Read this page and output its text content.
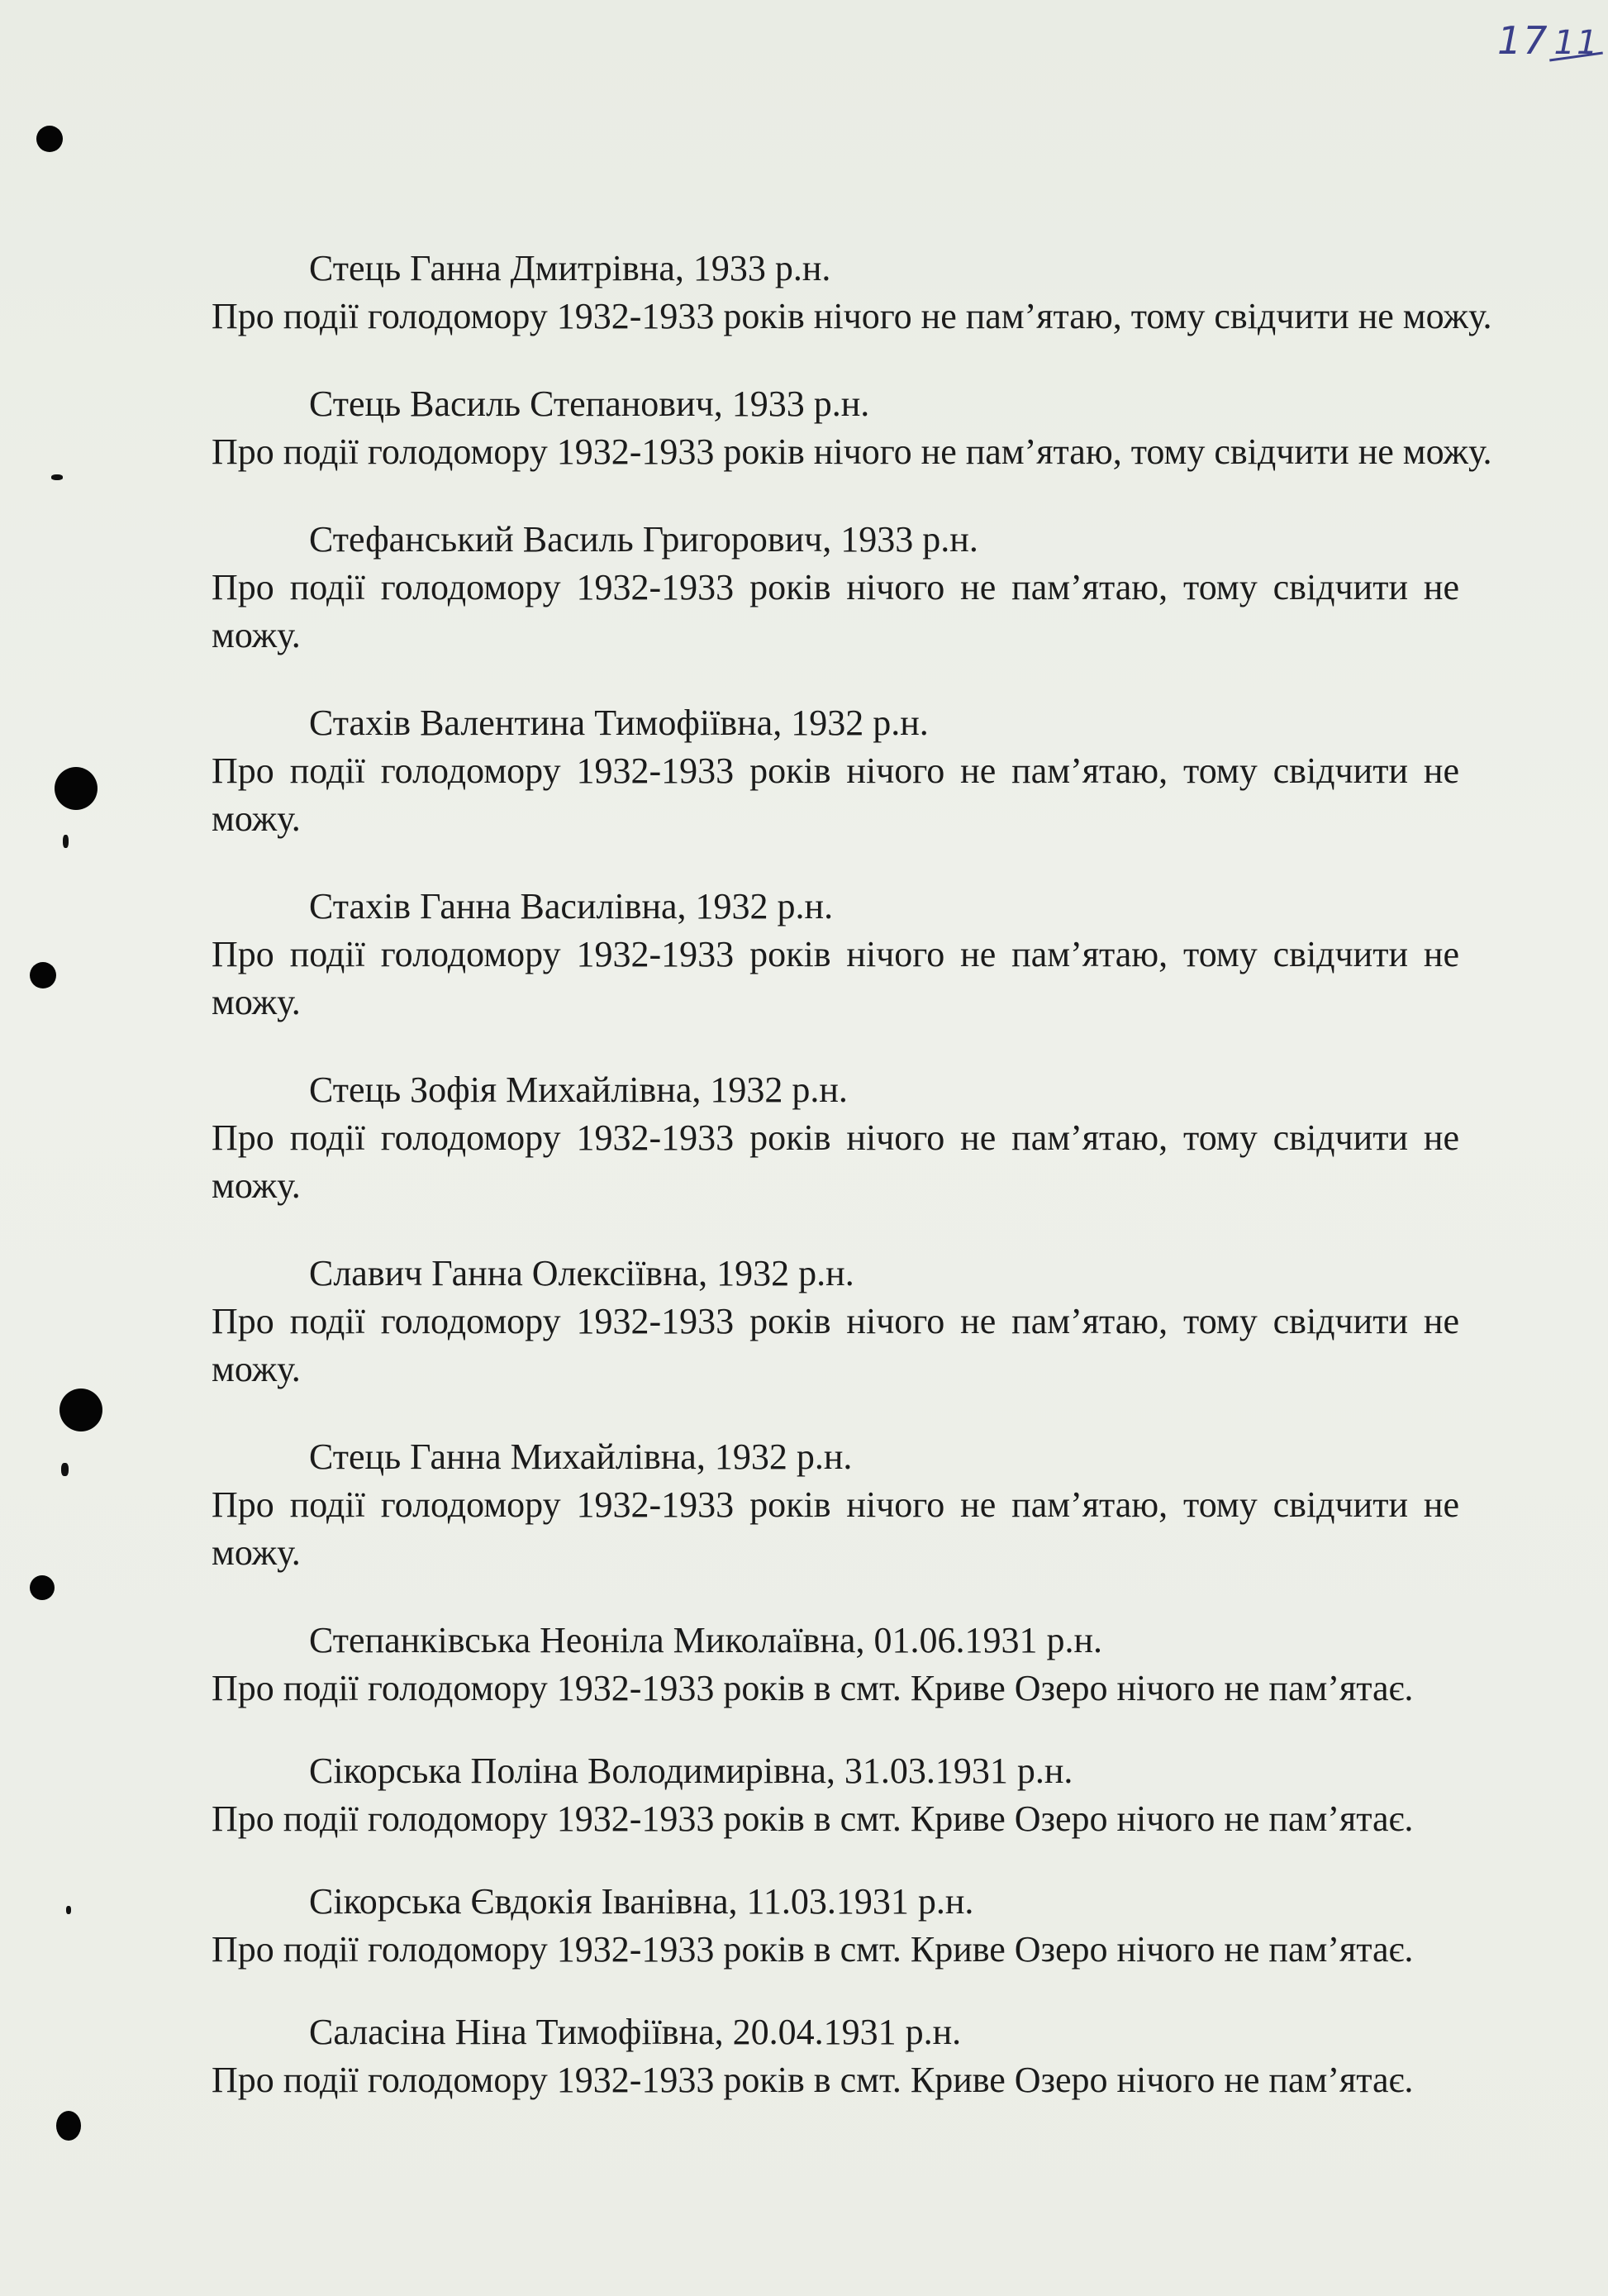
17 11
Стець Ганна Дмитрівна, 1933 р.н.
Про події голодомору 1932-1933 років нічого не пам’ятаю, тому свідчити не можу.
Стець Василь Степанович, 1933 р.н.
Про події голодомору 1932-1933 років нічого не пам’ятаю, тому свідчити не можу.
Стефанський Василь Григорович, 1933 р.н.
Про події голодомору 1932-1933 років нічого не пам’ятаю, тому свідчити не можу.
Стахів Валентина Тимофіївна, 1932 р.н.
Про події голодомору 1932-1933 років нічого не пам’ятаю, тому свідчити не можу.
Стахів Ганна Василівна, 1932 р.н.
Про події голодомору 1932-1933 років нічого не пам’ятаю, тому свідчити не можу.
Стець Зофія Михайлівна, 1932 р.н.
Про події голодомору 1932-1933 років нічого не пам’ятаю, тому свідчити не можу.
Славич Ганна Олексіївна, 1932 р.н.
Про події голодомору 1932-1933 років нічого не пам’ятаю, тому свідчити не можу.
Стець Ганна Михайлівна, 1932 р.н.
Про події голодомору 1932-1933 років нічого не пам’ятаю, тому свідчити не можу.
Степанківська Неоніла Миколаївна, 01.06.1931 р.н.
Про події голодомору 1932-1933 років в смт. Криве Озеро нічого не пам’ятає.
Сікорська Поліна Володимирівна, 31.03.1931 р.н.
Про події голодомору 1932-1933 років в смт. Криве Озеро нічого не пам’ятає.
Сікорська Євдокія Іванівна, 11.03.1931 р.н.
Про події голодомору 1932-1933 років в смт. Криве Озеро нічого не пам’ятає.
Саласіна Ніна Тимофіївна, 20.04.1931 р.н.
Про події голодомору 1932-1933 років в смт. Криве Озеро нічого не пам’ятає.
